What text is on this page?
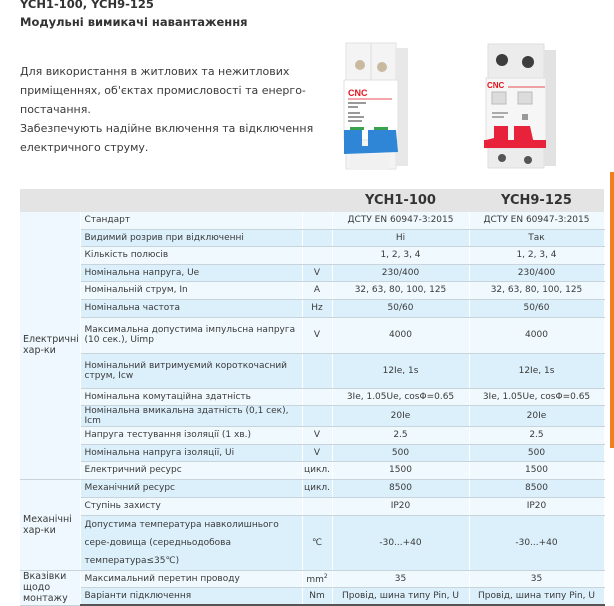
YCH1-100, YCH9-125
Модульні вимикачі навантаження
Для використання в житлових та нежитлових
приміщеннях, об'єктах промисловості та енерго-
постачання.
Забезпечують надійне включення та відключення
електричного струму.
CNC
CNC
			YCH1-100	YCH9-125
Електричні хар-ки	Стандарт		ДСТУ EN 60947-3:2015	ДСТУ EN 60947-3:2015
	Видимий розрив при відключенні		Ні	Так
	Кількість полюсів		1, 2, 3, 4	1, 2, 3, 4
	Номінальна напруга, Ue	V	230/400	230/400
	Номінальній струм, In	A	32, 63, 80, 100, 125	32, 63, 80, 100, 125
	Номінальна частота	Hz	50/60	50/60
	Максимальна допустима імпульсна напруга (10 сек.), Uimp	V	4000	4000
	Номінальний витримуємий короткочасний струм, Icw		12Ie, 1s	12Ie, 1s
	Номінальна комутаційна здатність		3Ie, 1.05Ue, cosΦ=0.65	3Ie, 1.05Ue, cosΦ=0.65
	Номінальна вмикальна здатність (0,1 сек), Icm		20Ie	20Ie
	Напруга тестування ізоляції (1 хв.)	V	2.5	2.5
	Номінальна напруга ізоляції, Ui	V	500	500
	Електричний ресурс	цикл.	1500	1500
Механічні хар-ки	Механічний ресурс	цикл.	8500	8500
	Ступінь захисту		IP20	IP20
	Допустима температура навколишнього сере-довища (середньодобова температура≤35℃)	℃	-30...+40	-30...+40
Вказівки щодо монтажу	Максимальний перетин проводу	$mm^2$	35	35
	Варіанти підключення	Nm	Провід, шина типу Pin, U	Провід, шина типу Pin, U
